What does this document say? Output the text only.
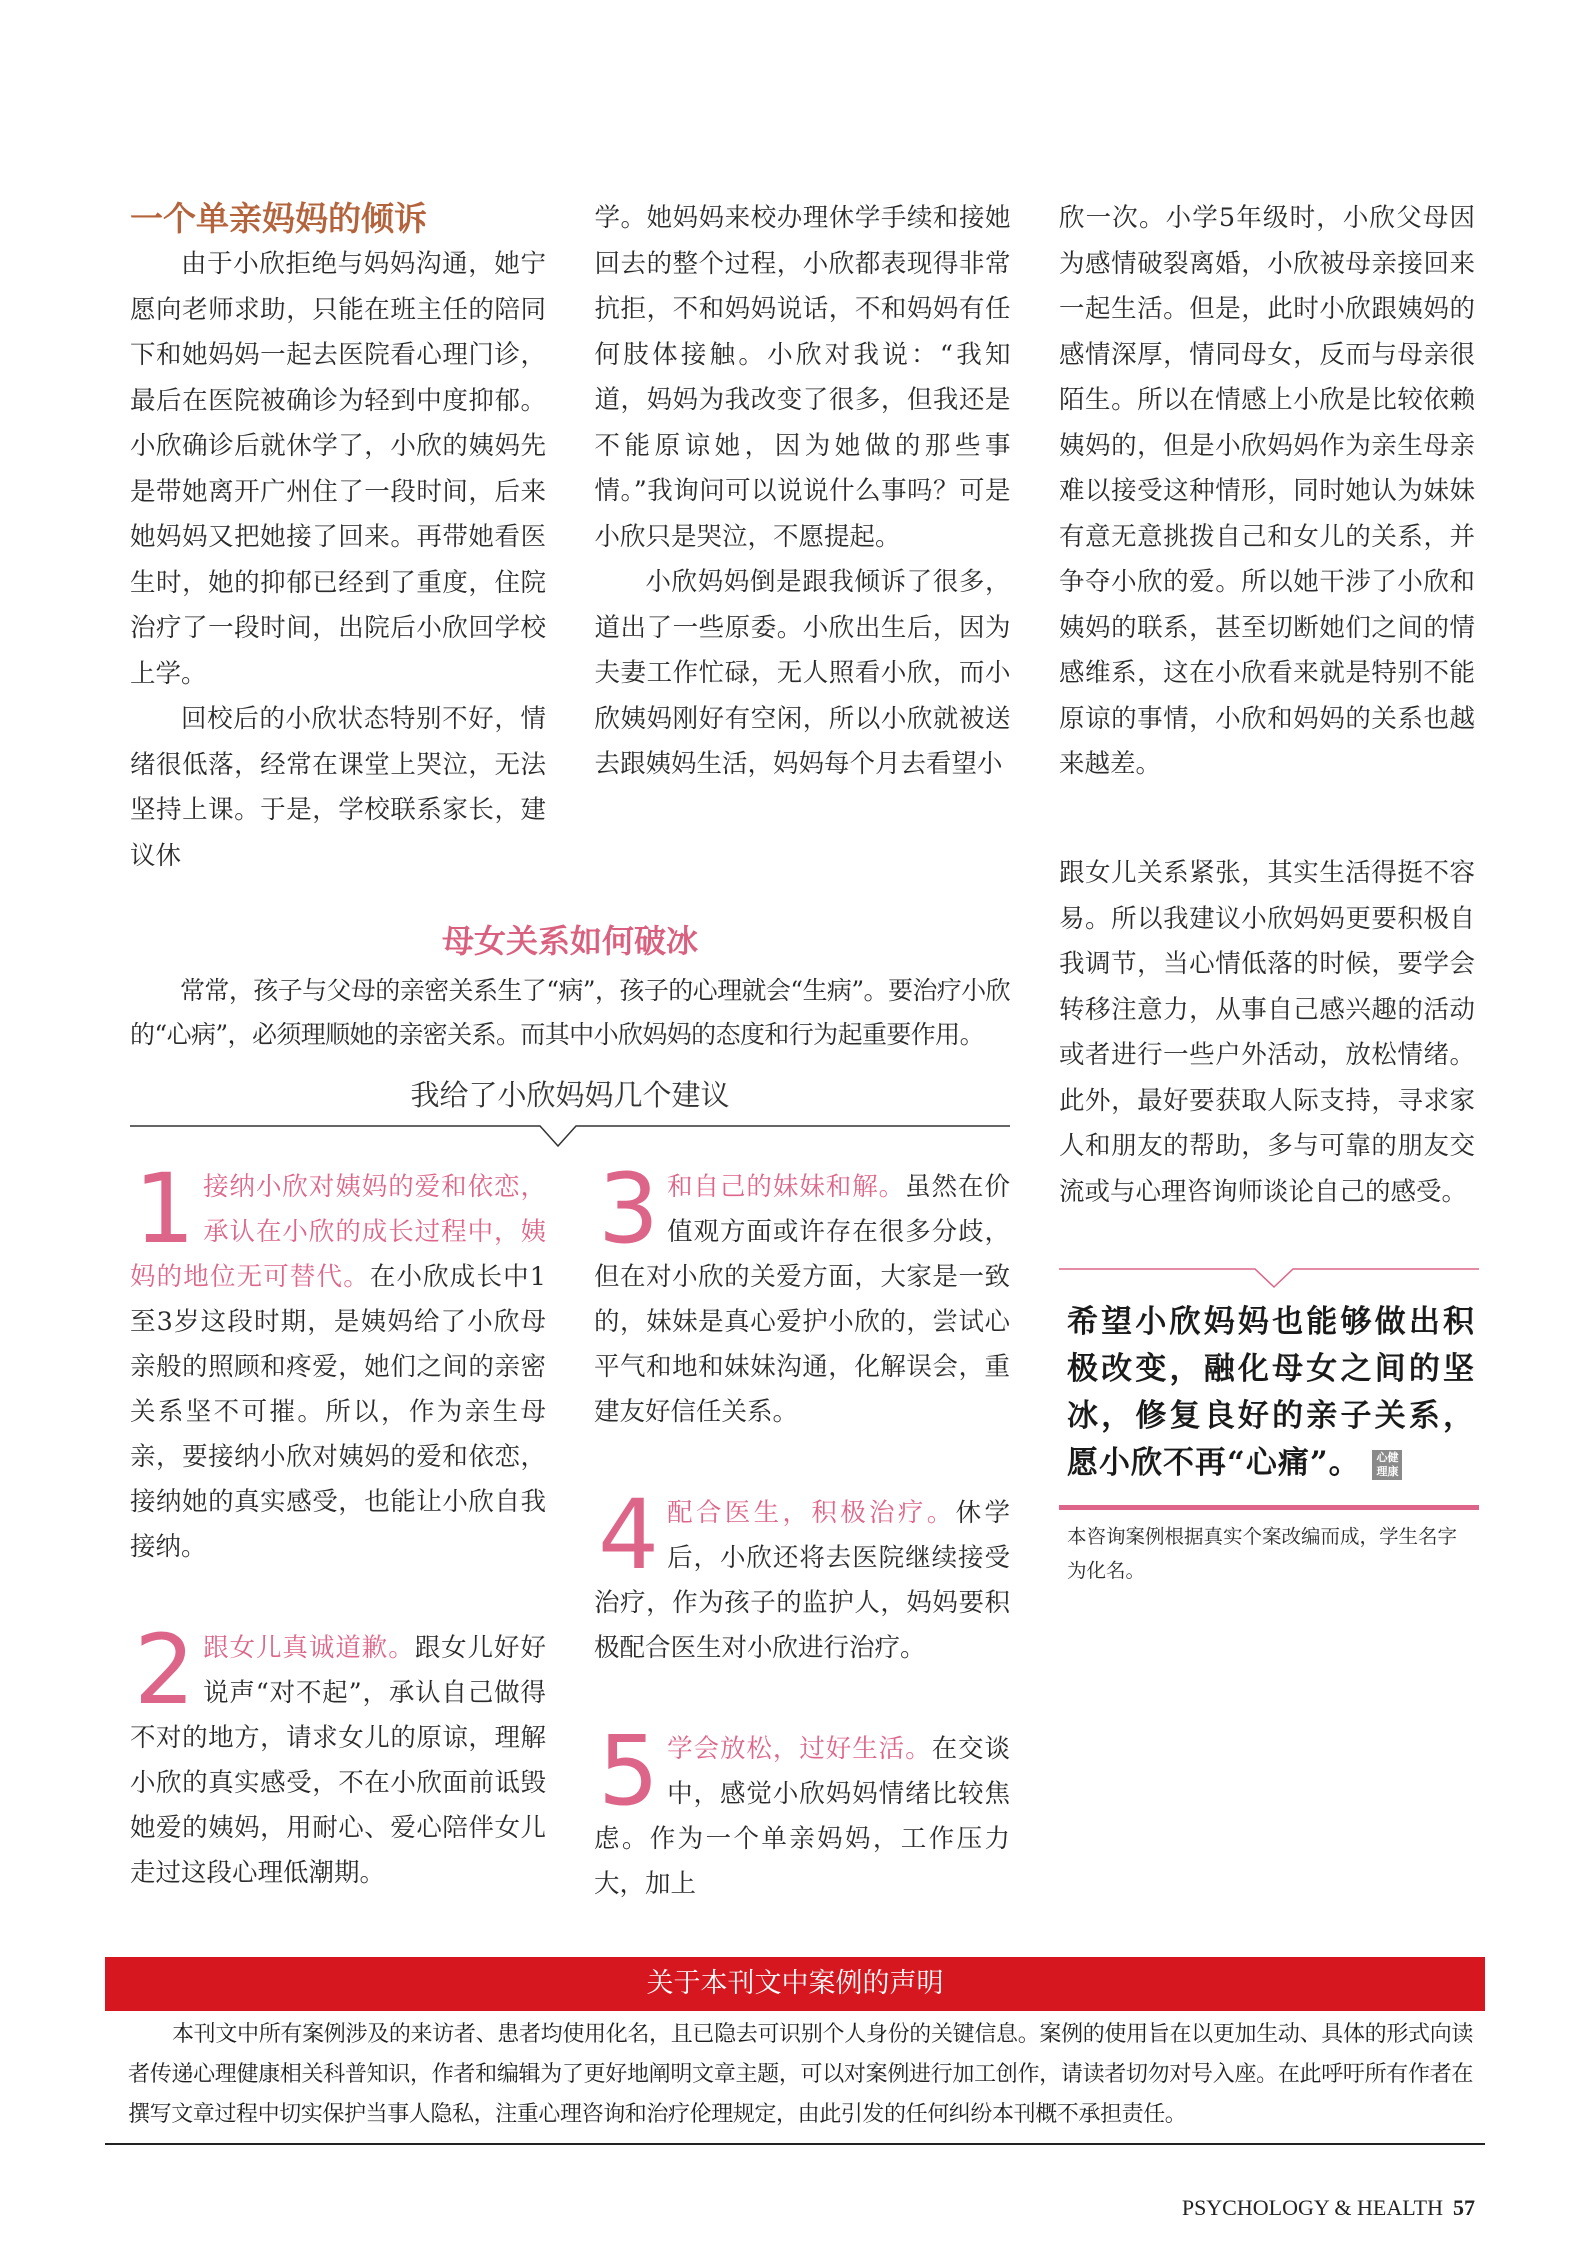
一个单亲妈妈的倾诉

由于小欣拒绝与妈妈沟通，她宁愿向老师求助，只能在班主任的陪同下和她妈妈一起去医院看心理门诊，最后在医院被确诊为轻到中度抑郁。小欣确诊后就休学了，小欣的姨妈先是带她离开广州住了一段时间，后来她妈妈又把她接了回来。再带她看医生时，她的抑郁已经到了重度，住院治疗了一段时间，出院后小欣回学校上学。

回校后的小欣状态特别不好，情绪很低落，经常在课堂上哭泣，无法坚持上课。于是，学校联系家长，建议休

学。她妈妈来校办理休学手续和接她回去的整个过程，小欣都表现得非常抗拒，不和妈妈说话，不和妈妈有任何肢体接触。小欣对我说：“我知道，妈妈为我改变了很多，但我还是不能原谅她，因为她做的那些事情。”我询问可以说说什么事吗？可是小欣只是哭泣，不愿提起。

小欣妈妈倒是跟我倾诉了很多，道出了一些原委。小欣出生后，因为夫妻工作忙碌，无人照看小欣，而小欣姨妈刚好有空闲，所以小欣就被送去跟姨妈生活，妈妈每个月去看望小

欣一次。小学5年级时，小欣父母因为感情破裂离婚，小欣被母亲接回来一起生活。但是，此时小欣跟姨妈的感情深厚，情同母女，反而与母亲很陌生。所以在情感上小欣是比较依赖姨妈的，但是小欣妈妈作为亲生母亲难以接受这种情形，同时她认为妹妹有意无意挑拨自己和女儿的关系，并争夺小欣的爱。所以她干涉了小欣和姨妈的联系，甚至切断她们之间的情感维系，这在小欣看来就是特别不能原谅的事情，小欣和妈妈的关系也越来越差。

母女关系如何破冰
常常，孩子与父母的亲密关系生了“病”，孩子的心理就会“生病”。要治疗小欣的“心病”，必须理顺她的亲密关系。而其中小欣妈妈的态度和行为起重要作用。
我给了小欣妈妈几个建议
1 接纳小欣对姨妈的爱和依恋，承认在小欣的成长过程中，姨妈的地位无可替代。在小欣成长中1至3岁这段时期，是姨妈给了小欣母亲般的照顾和疼爱，她们之间的亲密关系坚不可摧。所以，作为亲生母亲，要接纳小欣对姨妈的爱和依恋，接纳她的真实感受，也能让小欣自我接纳。
2 跟女儿真诚道歉。跟女儿好好说声“对不起”，承认自己做得不对的地方，请求女儿的原谅，理解小欣的真实感受，不在小欣面前诋毁她爱的姨妈，用耐心、爱心陪伴女儿走过这段心理低潮期。
3 和自己的妹妹和解。虽然在价值观方面或许存在很多分歧，但在对小欣的关爱方面，大家是一致的，妹妹是真心爱护小欣的，尝试心平气和地和妹妹沟通，化解误会，重建友好信任关系。
4 配合医生，积极治疗。休学后，小欣还将去医院继续接受治疗，作为孩子的监护人，妈妈要积极配合医生对小欣进行治疗。
5 学会放松，过好生活。在交谈中，感觉小欣妈妈情绪比较焦虑。作为一个单亲妈妈，工作压力大，加上
跟女儿关系紧张，其实生活得挺不容易。所以我建议小欣妈妈更要积极自我调节，当心情低落的时候，要学会转移注意力，从事自己感兴趣的活动或者进行一些户外活动，放松情绪。此外，最好要获取人际支持，寻求家人和朋友的帮助，多与可靠的朋友交流或与心理咨询师谈论自己的感受。
希望小欣妈妈也能够做出积极改变，融化母女之间的坚冰，修复良好的亲子关系，愿小欣不再“心痛”。 心健理康
本咨询案例根据真实个案改编而成，学生名字为化名。
关于本刊文中案例的声明
本刊文中所有案例涉及的来访者、患者均使用化名，且已隐去可识别个人身份的关键信息。案例的使用旨在以更加生动、具体的形式向读者传递心理健康相关科普知识，作者和编辑为了更好地阐明文章主题，可以对案例进行加工创作，请读者切勿对号入座。在此呼吁所有作者在撰写文章过程中切实保护当事人隐私，注重心理咨询和治疗伦理规定，由此引发的任何纠纷本刊概不承担责任。
PSYCHOLOGY & HEALTH 57
